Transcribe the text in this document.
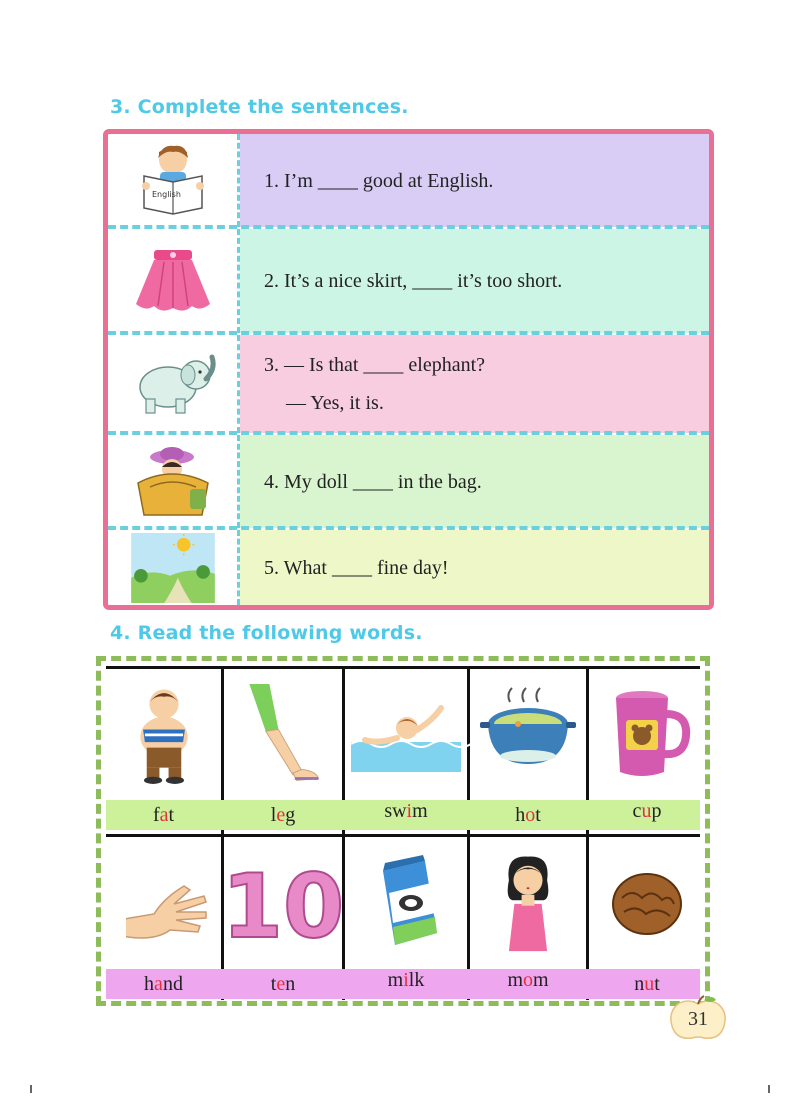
3. Complete the sentences.
English
1. I’m ____ good at English.
2. It’s a nice skirt, ____ it’s too short.
3. — Is that ____ elephant?
— Yes, it is.
4. My doll ____ in the bag.
5. What ____ fine day!
4. Read the following words.
fat	leg	swim	hot	cup
hand	ten	milk	mom	nut
10
31
